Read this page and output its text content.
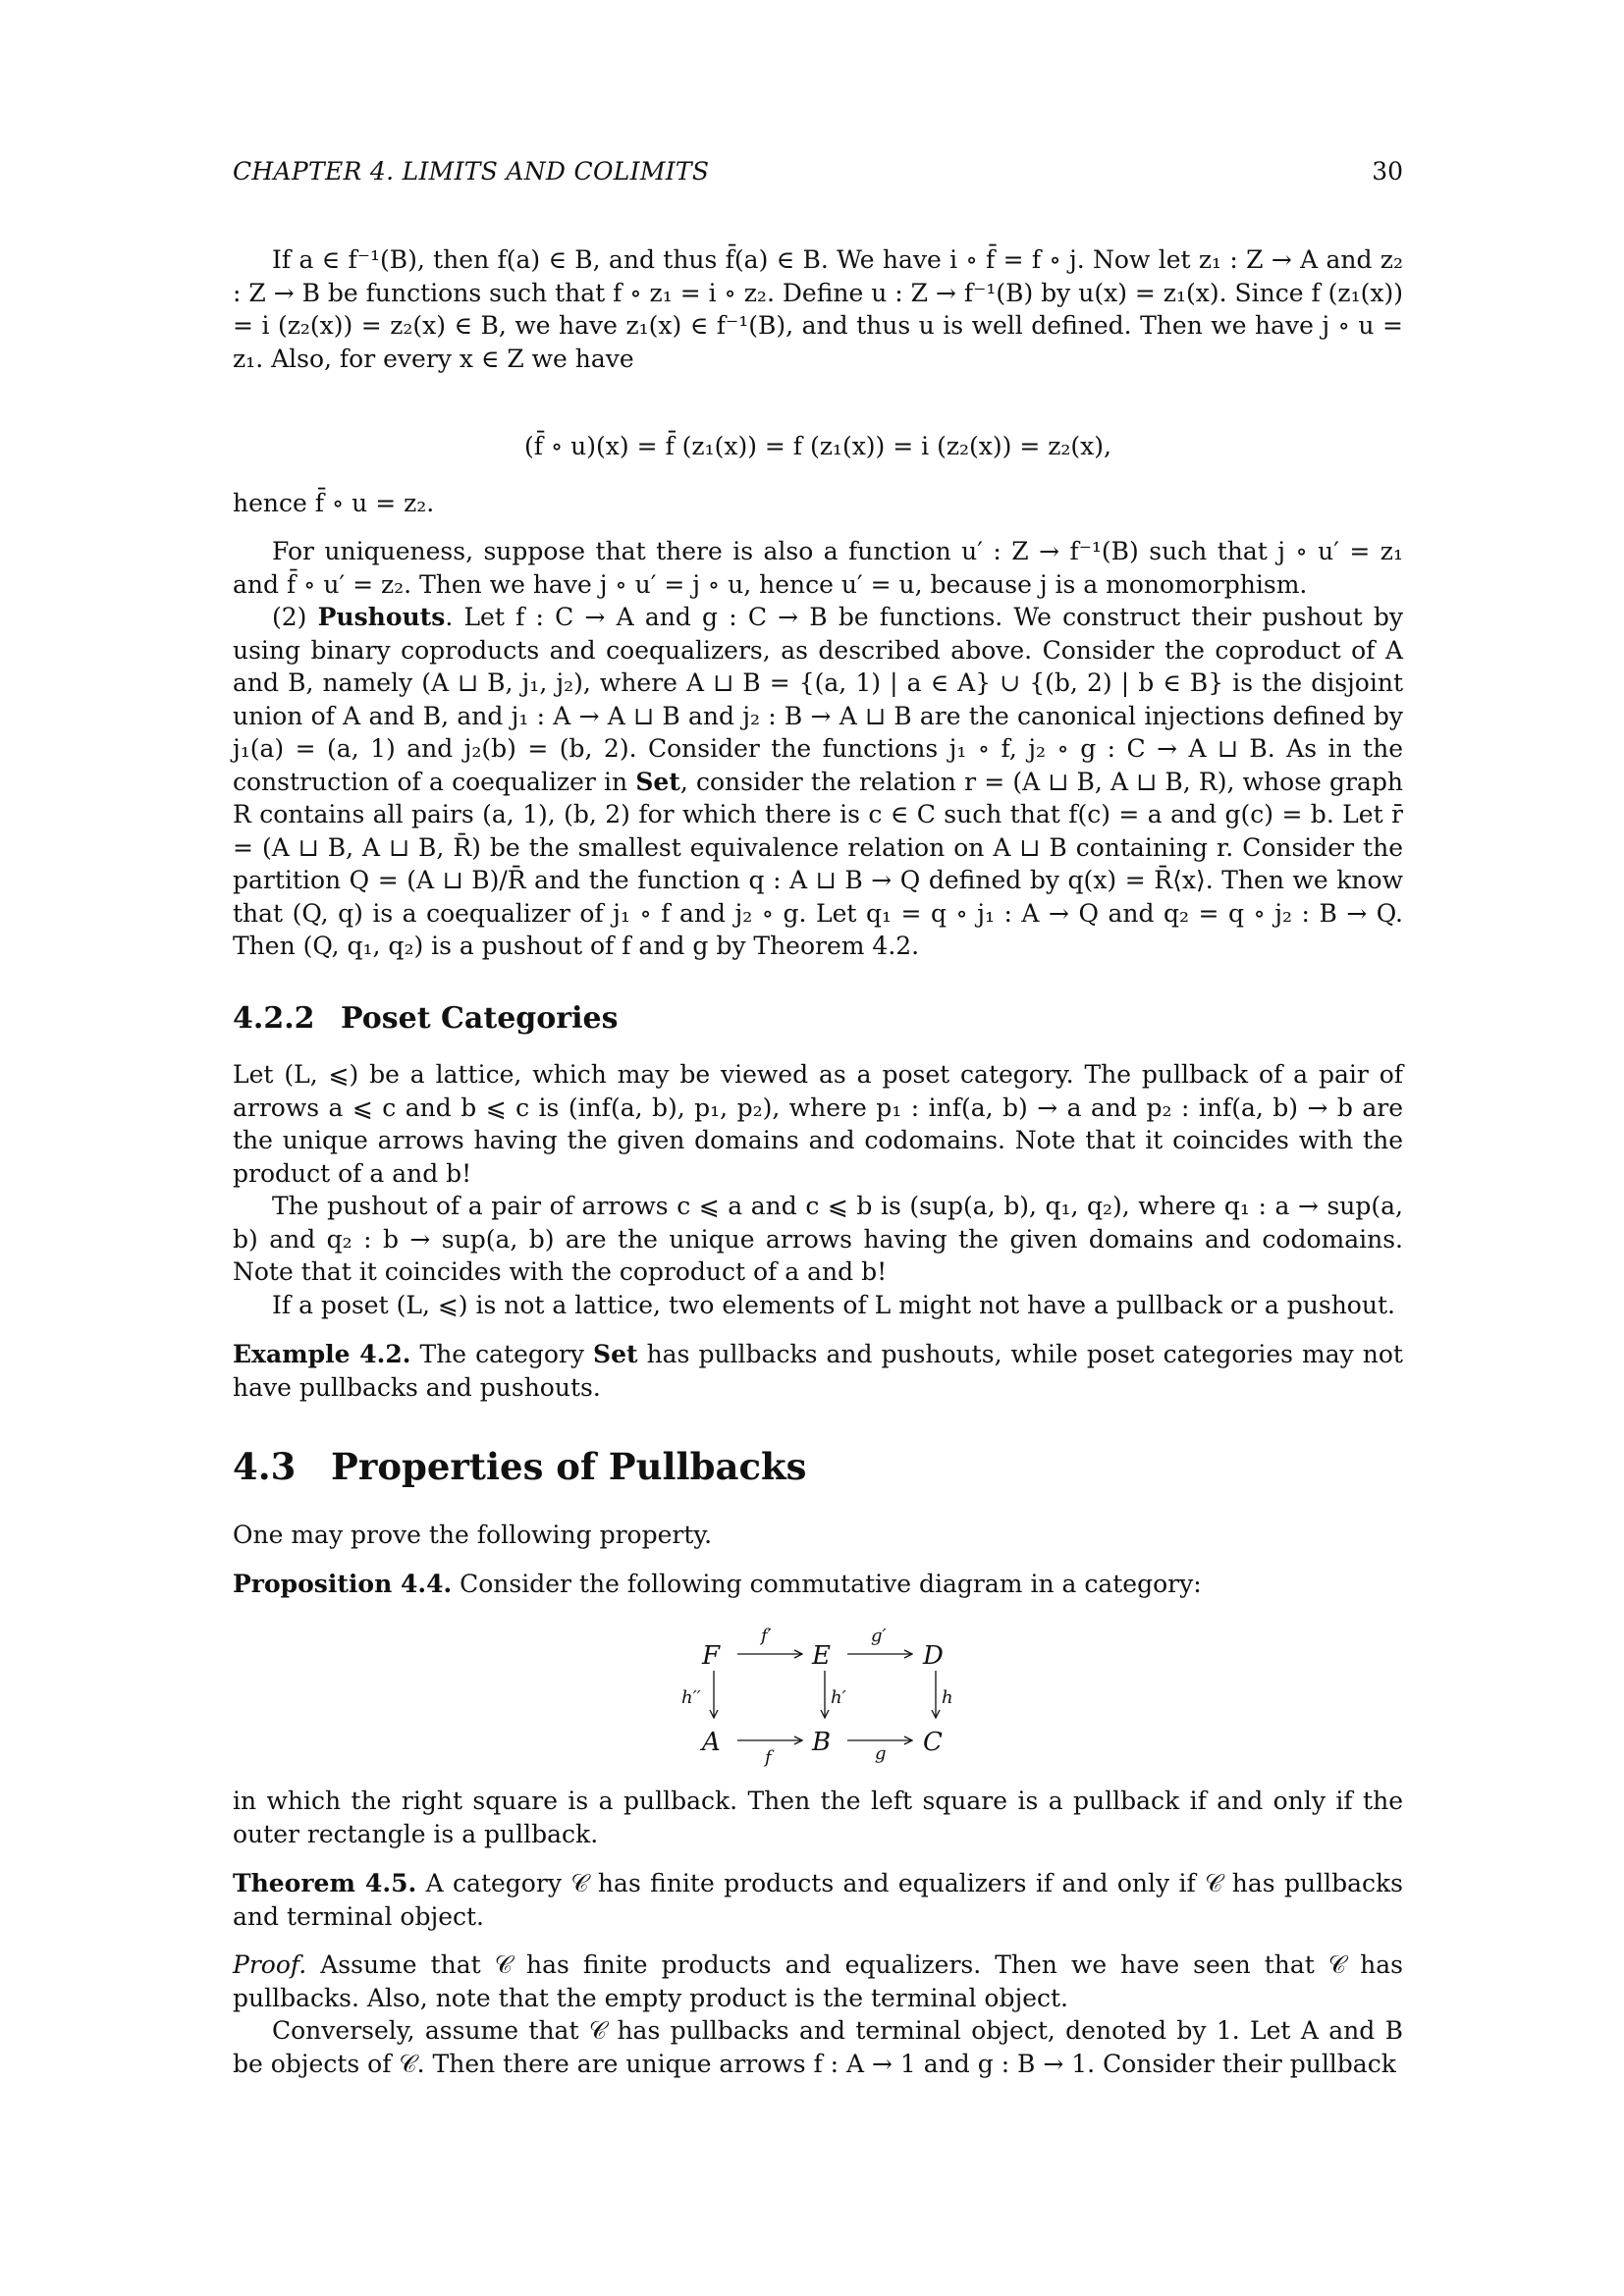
CHAPTER 4. LIMITS AND COLIMITS	30
If a ∈ f⁻¹(B), then f(a) ∈ B, and thus f̄(a) ∈ B. We have i ∘ f̄ = f ∘ j. Now let z₁ : Z → A and z₂ : Z → B be functions such that f ∘ z₁ = i ∘ z₂. Define u : Z → f⁻¹(B) by u(x) = z₁(x). Since f (z₁(x)) = i (z₂(x)) = z₂(x) ∈ B, we have z₁(x) ∈ f⁻¹(B), and thus u is well defined. Then we have j ∘ u = z₁. Also, for every x ∈ Z we have
(f̄ ∘ u)(x) = f̄ (z₁(x)) = f (z₁(x)) = i (z₂(x)) = z₂(x),
hence f̄ ∘ u = z₂.
For uniqueness, suppose that there is also a function u′ : Z → f⁻¹(B) such that j ∘ u′ = z₁ and f̄ ∘ u′ = z₂. Then we have j ∘ u′ = j ∘ u, hence u′ = u, because j is a monomorphism.
(2) Pushouts. Let f : C → A and g : C → B be functions. We construct their pushout by using binary coproducts and coequalizers, as described above. Consider the coproduct of A and B, namely (A ⊔ B, j₁, j₂), where A ⊔ B = {(a, 1) | a ∈ A} ∪ {(b, 2) | b ∈ B} is the disjoint union of A and B, and j₁ : A → A ⊔ B and j₂ : B → A ⊔ B are the canonical injections defined by j₁(a) = (a, 1) and j₂(b) = (b, 2). Consider the functions j₁ ∘ f, j₂ ∘ g : C → A ⊔ B. As in the construction of a coequalizer in Set, consider the relation r = (A ⊔ B, A ⊔ B, R), whose graph R contains all pairs (a, 1), (b, 2) for which there is c ∈ C such that f(c) = a and g(c) = b. Let r̄ = (A ⊔ B, A ⊔ B, R̄) be the smallest equivalence relation on A ⊔ B containing r. Consider the partition Q = (A ⊔ B)/R̄ and the function q : A ⊔ B → Q defined by q(x) = R̄⟨x⟩. Then we know that (Q, q) is a coequalizer of j₁ ∘ f and j₂ ∘ g. Let q₁ = q ∘ j₁ : A → Q and q₂ = q ∘ j₂ : B → Q. Then (Q, q₁, q₂) is a pushout of f and g by Theorem 4.2.
4.2.2 Poset Categories
Let (L, ⩽) be a lattice, which may be viewed as a poset category. The pullback of a pair of arrows a ⩽ c and b ⩽ c is (inf(a, b), p₁, p₂), where p₁ : inf(a, b) → a and p₂ : inf(a, b) → b are the unique arrows having the given domains and codomains. Note that it coincides with the product of a and b!
The pushout of a pair of arrows c ⩽ a and c ⩽ b is (sup(a, b), q₁, q₂), where q₁ : a → sup(a, b) and q₂ : b → sup(a, b) are the unique arrows having the given domains and codomains. Note that it coincides with the coproduct of a and b!
If a poset (L, ⩽) is not a lattice, two elements of L might not have a pullback or a pushout.
Example 4.2. The category Set has pullbacks and pushouts, while poset categories may not have pullbacks and pushouts.
4.3 Properties of Pullbacks
One may prove the following property.
Proposition 4.4. Consider the following commutative diagram in a category:
F	E	D
A	B	C
f′	g′
h′′	h′	h
f	g
in which the right square is a pullback. Then the left square is a pullback if and only if the outer rectangle is a pullback.
Theorem 4.5. A category 𝒞 has finite products and equalizers if and only if 𝒞 has pullbacks and terminal object.
Proof. Assume that 𝒞 has finite products and equalizers. Then we have seen that 𝒞 has pullbacks. Also, note that the empty product is the terminal object.
Conversely, assume that 𝒞 has pullbacks and terminal object, denoted by 1. Let A and B be objects of 𝒞. Then there are unique arrows f : A → 1 and g : B → 1. Consider their pullback
